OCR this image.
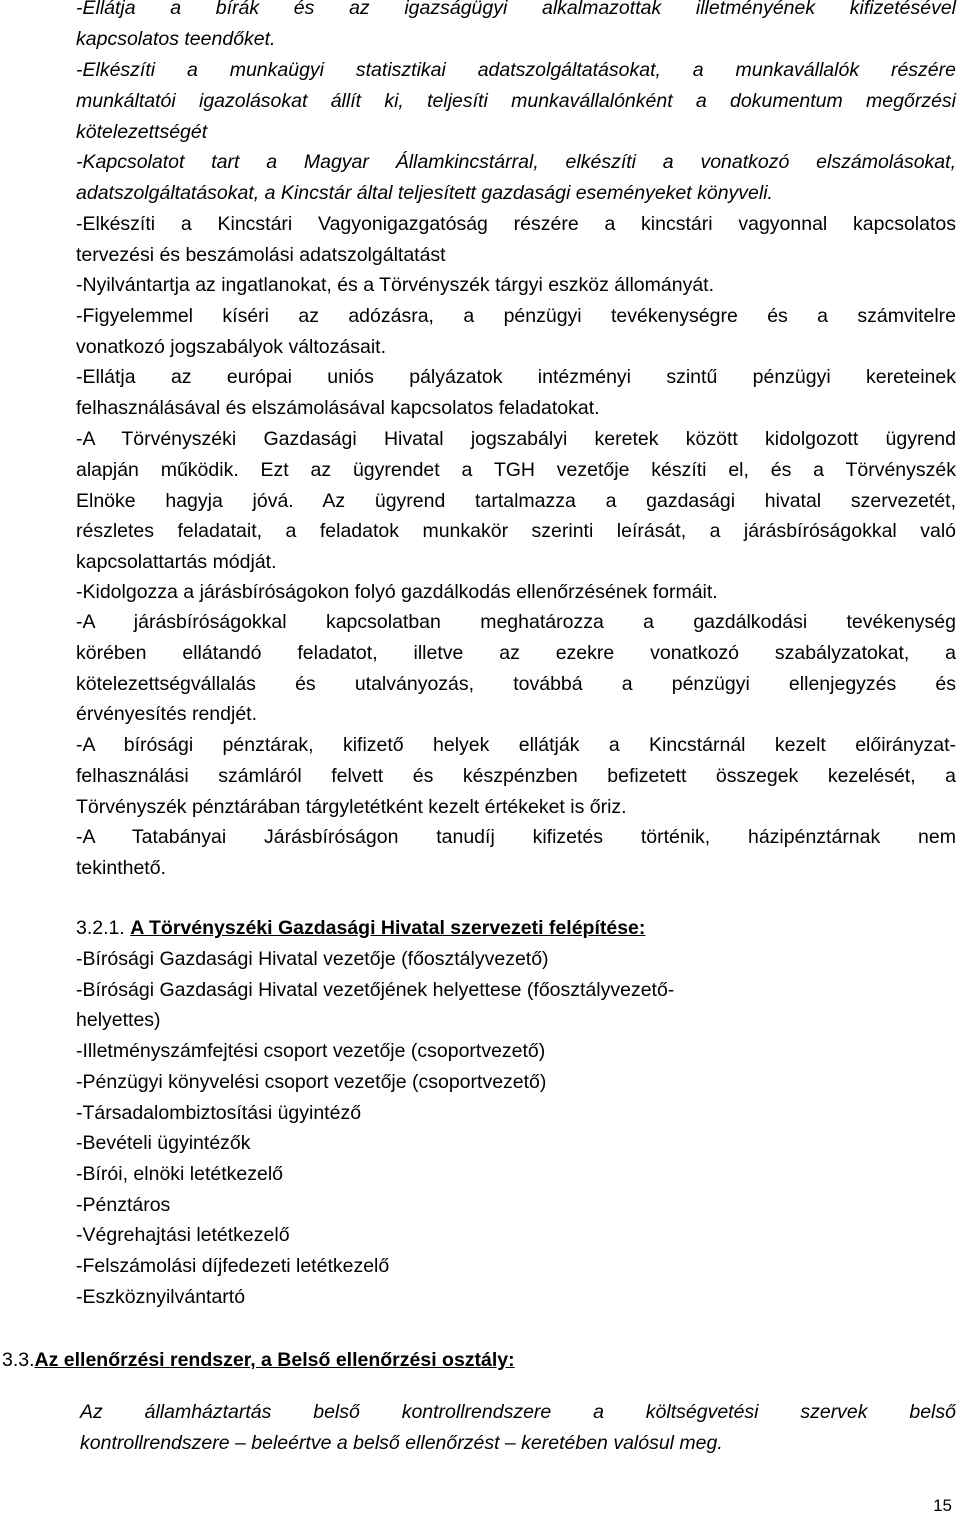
-Ellátja a bírák és az igazságügyi alkalmazottak illetményének kifizetésével
kapcsolatos teendőket.

-Elkészíti a munkaügyi statisztikai adatszolgáltatásokat, a munkavállalók részére
munkáltatói igazolásokat állít ki, teljesíti munkavállalónként a dokumentum megőrzési
kötelezettségét

-Kapcsolatot tart a Magyar Államkincstárral, elkészíti a vonatkozó elszámolásokat,
adatszolgáltatásokat, a Kincstár által teljesített gazdasági eseményeket könyveli.

-Elkészíti a Kincstári Vagyonigazgatóság részére a kincstári vagyonnal kapcsolatos
tervezési és beszámolási adatszolgáltatást

-Nyilvántartja az ingatlanokat, és a Törvényszék tárgyi eszköz állományát.

-Figyelemmel kíséri az adózásra, a pénzügyi tevékenységre és a számvitelre
vonatkozó jogszabályok változásait.

-Ellátja az európai uniós pályázatok intézményi szintű pénzügyi kereteinek
felhasználásával és elszámolásával kapcsolatos feladatokat.

-A Törvényszéki Gazdasági Hivatal jogszabályi keretek között kidolgozott ügyrend
alapján működik. Ezt az ügyrendet a TGH vezetője készíti el, és a Törvényszék
Elnöke hagyja jóvá. Az ügyrend tartalmazza a gazdasági hivatal szervezetét,
részletes feladatait, a feladatok munkakör szerinti leírását, a járásbíróságokkal való
kapcsolattartás módját.

-Kidolgozza a járásbíróságokon folyó gazdálkodás ellenőrzésének formáit.

-A járásbíróságokkal kapcsolatban meghatározza a gazdálkodási tevékenység
körében ellátandó feladatot, illetve az ezekre vonatkozó szabályzatokat, a
kötelezettségvállalás és utalványozás, továbbá a pénzügyi ellenjegyzés és
érvényesítés rendjét.

-A bírósági pénztárak, kifizető helyek ellátják a Kincstárnál kezelt előirányzat-
felhasználási számláról felvett és készpénzben befizetett összegek kezelését, a
Törvényszék pénztárában tárgyletétként kezelt értékeket is őriz.

-A Tatabányai Járásbíróságon tanudíj kifizetés történik, házipénztárnak nem
tekinthető.

3.2.1. A Törvényszéki Gazdasági Hivatal szervezeti felépítése:
-Bírósági Gazdasági Hivatal vezetője (főosztályvezető)
-Bírósági Gazdasági Hivatal vezetőjének helyettese (főosztályvezető-
helyettes)
-Illetményszámfejtési csoport vezetője (csoportvezető)
-Pénzügyi könyvelési csoport vezetője (csoportvezető)
-Társadalombiztosítási ügyintéző
-Bevételi ügyintézők
-Bírói, elnöki letétkezelő
-Pénztáros
-Végrehajtási letétkezelő
-Felszámolási díjfedezeti letétkezelő
-Eszköznyilvántartó
3.3.Az ellenőrzési rendszer, a Belső ellenőrzési osztály:

Az államháztartás belső kontrollrendszere a költségvetési szervek belső
kontrollrendszere – beleértve a belső ellenőrzést – keretében valósul meg.

15
